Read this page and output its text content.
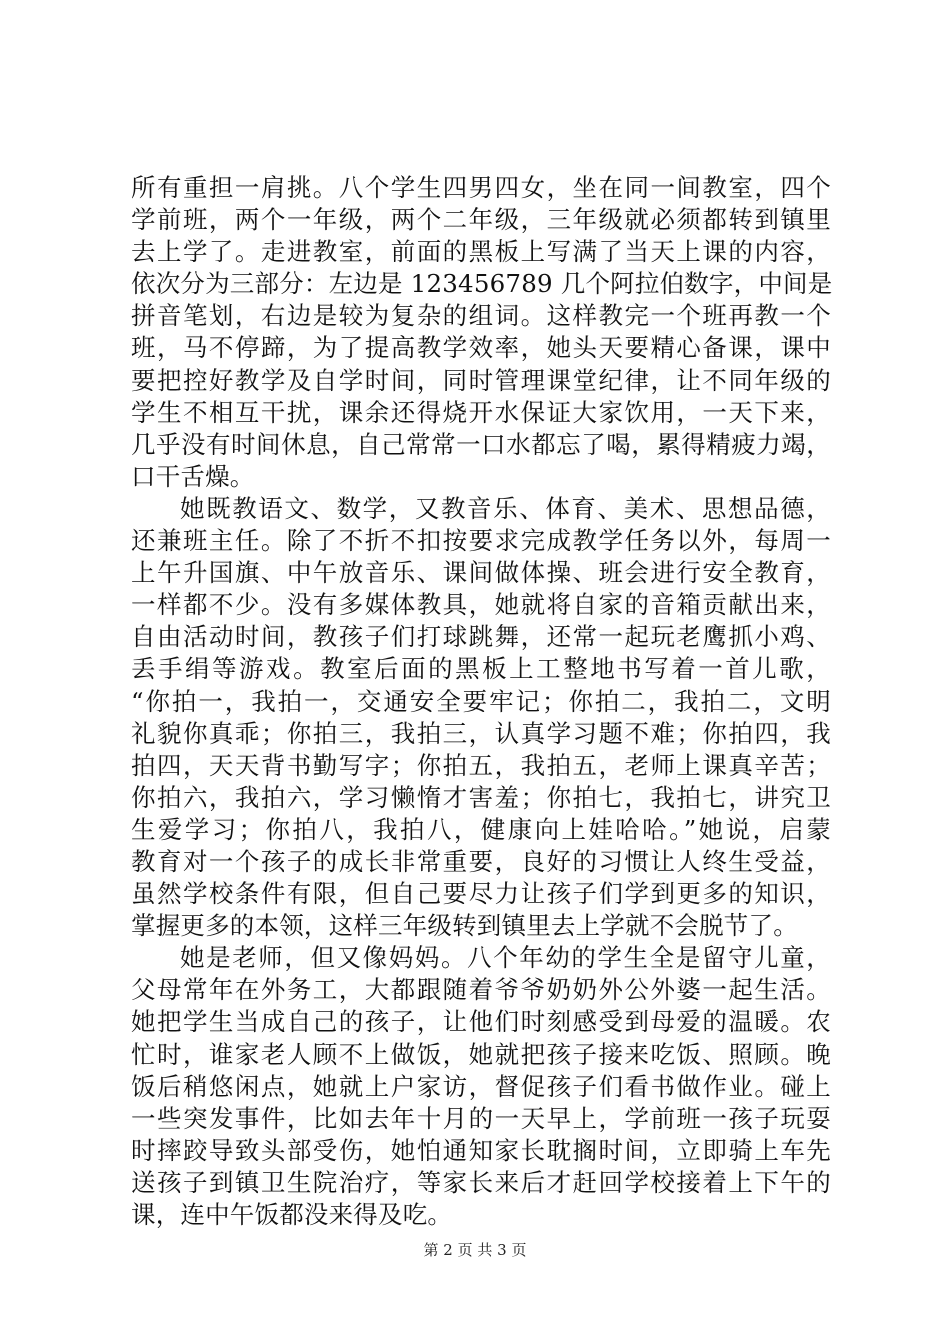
所有重担一肩挑。八个学生四男四女，坐在同一间教室，四个
学前班，两个一年级，两个二年级，三年级就必须都转到镇里
去上学了。走进教室，前面的黑板上写满了当天上课的内容，
依次分为三部分：左边是 123456789 几个阿拉伯数字，中间是
拼音笔划，右边是较为复杂的组词。这样教完一个班再教一个
班，马不停蹄，为了提高教学效率，她头天要精心备课，课中
要把控好教学及自学时间，同时管理课堂纪律，让不同年级的
学生不相互干扰，课余还得烧开水保证大家饮用，一天下来，
几乎没有时间休息，自己常常一口水都忘了喝，累得精疲力竭，
口干舌燥。
她既教语文、数学，又教音乐、体育、美术、思想品德，
还兼班主任。除了不折不扣按要求完成教学任务以外，每周一
上午升国旗、中午放音乐、课间做体操、班会进行安全教育，
一样都不少。没有多媒体教具，她就将自家的音箱贡献出来，
自由活动时间，教孩子们打球跳舞，还常一起玩老鹰抓小鸡、
丢手绢等游戏。教室后面的黑板上工整地书写着一首儿歌，
“你拍一，我拍一，交通安全要牢记；你拍二，我拍二，文明
礼貌你真乖；你拍三，我拍三，认真学习题不难；你拍四，我
拍四，天天背书勤写字；你拍五，我拍五，老师上课真辛苦；
你拍六，我拍六，学习懒惰才害羞；你拍七，我拍七，讲究卫
生爱学习；你拍八，我拍八，健康向上娃哈哈。”她说，启蒙
教育对一个孩子的成长非常重要，良好的习惯让人终生受益，
虽然学校条件有限，但自己要尽力让孩子们学到更多的知识，
掌握更多的本领，这样三年级转到镇里去上学就不会脱节了。
她是老师，但又像妈妈。八个年幼的学生全是留守儿童，
父母常年在外务工，大都跟随着爷爷奶奶外公外婆一起生活。
她把学生当成自己的孩子，让他们时刻感受到母爱的温暖。农
忙时，谁家老人顾不上做饭，她就把孩子接来吃饭、照顾。晚
饭后稍悠闲点，她就上户家访，督促孩子们看书做作业。碰上
一些突发事件，比如去年十月的一天早上，学前班一孩子玩耍
时摔跤导致头部受伤，她怕通知家长耽搁时间，立即骑上车先
送孩子到镇卫生院治疗，等家长来后才赶回学校接着上下午的
课，连中午饭都没来得及吃。
第 2 页 共 3 页
